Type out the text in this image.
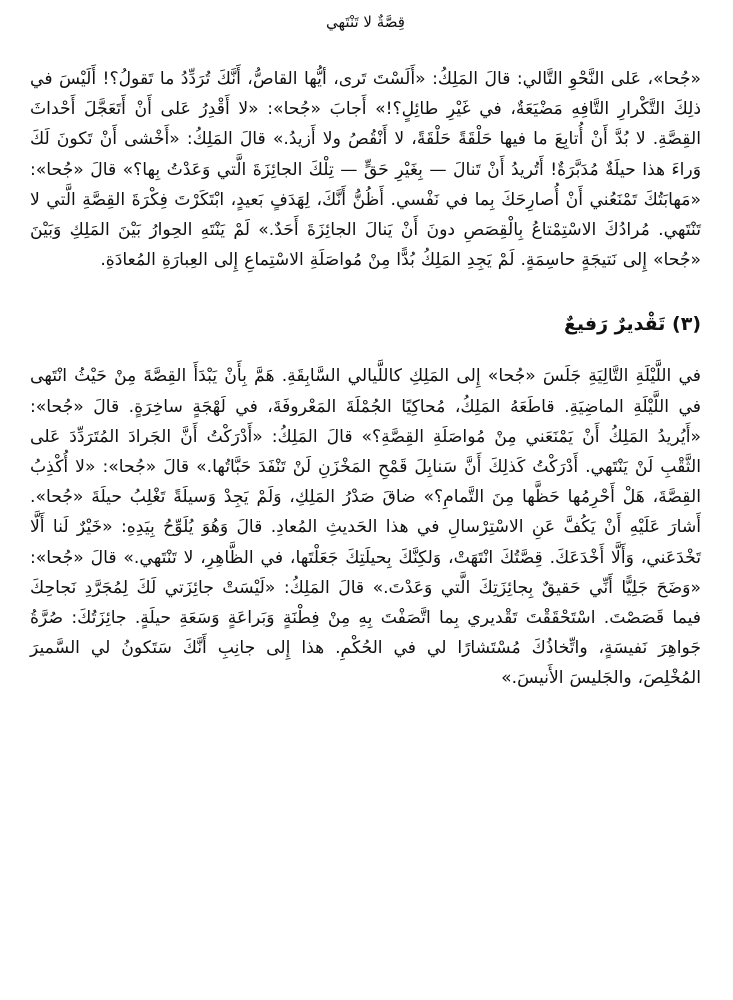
قِصَّةٌ لا تَنْتَهي

«جُحا»، عَلى النَّحْوِ التَّالي: قالَ المَلِكُ: «أَلَسْتَ تَرى، أيُّها القاصُّ، أَنَّكَ تُرَدِّدُ ما تَقولُ؟! أَلَيْسَ في ذلِكَ التَّكْرارِ التَّافِهِ مَضْيَعَةٌ، في غَيْرِ طائِلٍ؟!» أَجابَ «جُحا»: «لا أَقْدِرُ عَلى أَنْ أَتَعَجَّلَ أَحْداثَ القِصَّةِ. لا بُدَّ أَنْ أُتابِعَ ما فيها حَلْقَةً حَلْقَةً، لا أَنْقُصُ ولا أَزيدُ.» قالَ المَلِكُ: «أَخْشى أَنْ تَكونَ لَكَ وَراءَ هذا حيلَةٌ مُدَبَّرَةٌ! أَتُريدُ أَنْ تَنالَ — بِغَيْرِ حَقٍّ — تِلْكَ الجائِزَةَ الَّتي وَعَدْتُ بِها؟» قالَ «جُحا»: «مَهابَتُكَ تَمْنَعُني أَنْ أُصارِحَكَ بِما في نَفْسي. أَظُنُّ أَنَّكَ، لِهَدَفٍ بَعيدٍ، ابْتَكَرْتَ فِكْرَةَ القِصَّةِ الَّتي لا تَنْتَهي. مُرادُكَ الاسْتِمْتاعُ بِالْقِصَصِ دونَ أَنْ يَنالَ الجائِزَةَ أَحَدٌ.» لَمْ يَنْتَهِ الحِوارُ بَيْنَ المَلِكِ وَبَيْنَ «جُحا» إِلى نَتيجَةٍ حاسِمَةٍ. لَمْ يَجِدِ المَلِكُ بُدًّا مِنْ مُواصَلَةِ الاسْتِماعِ إِلى العِبارَةِ المُعادَةِ.

(٣) تَقْديرٌ رَفيعٌ

في اللَّيْلَةِ التَّالِيَةِ جَلَسَ «جُحا» إِلى المَلِكِ كاللَّيالي السَّابِقَةِ. هَمَّ بِأَنْ يَبْدَأَ القِصَّةَ مِنْ حَيْثُ انْتَهى في اللَّيْلَةِ الماضِيَةِ. قاطَعَهُ المَلِكُ، مُحاكِيًا الجُمْلَةَ المَعْروفَةَ، في لَهْجَةٍ ساخِرَةٍ. قالَ «جُحا»: «أَيُريدُ المَلِكُ أَنْ يَمْنَعَني مِنْ مُواصَلَةِ القِصَّةِ؟» قالَ المَلِكُ: «أَدْرَكْتُ أَنَّ الجَرادَ المُتَرَدِّدَ عَلى الثَّقْبِ لَنْ يَنْتَهي. أَدْرَكْتُ كَذلِكَ أَنَّ سَنابِلَ قَمْحِ المَخْزَنِ لَنْ تَنْفَدَ حَبَّاتُها.» قالَ «جُحا»: «لا أُكْذِبُ القِصَّةَ، هَلْ أَحْرِمُها حَظَّها مِنَ التَّمامِ؟» ضاقَ صَدْرُ المَلِكِ، وَلَمْ يَجِدْ وَسيلَةً تَغْلِبُ حيلَةَ «جُحا». أَشارَ عَلَيْهِ أَنْ يَكُفَّ عَنِ الاسْتِرْسالِ في هذا الحَديثِ المُعادِ. قالَ وَهُوَ يُلَوِّحُ بِيَدِهِ: «خَيْرٌ لَنا أَلَّا تَخْدَعَني، وَأَلَّا أَخْدَعَكَ. قِصَّتُكَ انْتَهَتْ، وَلكِنَّكَ بِحيلَتِكَ جَعَلْتَها، في الظَّاهِرِ، لا تَنْتَهي.» قالَ «جُحا»: «وَضَحَ جَلِيًّا أَنِّي حَقيقٌ بِجائِزَتِكَ الَّتي وَعَدْتَ.» قالَ المَلِكُ: «لَيْسَتْ جائِزَتي لَكَ لِمُجَرَّدِ نَجاحِكَ فيما قَصَصْتَ. اسْتَحْقَقْتَ تَقْديري بِما اتَّصَفْتَ بِهِ مِنْ فِطْنَةٍ وَبَراعَةٍ وَسَعَةِ حيلَةٍ. جائِزَتُكَ: صُرَّةُ جَواهِرَ نَفيسَةٍ، واتِّخاذُكَ مُسْتَشارًا لي في الحُكْمِ. هذا إِلى جانِبِ أَنَّكَ سَتَكونُ لي السَّميرَ المُخْلِصَ، والجَليسَ الأَنيسَ.»
